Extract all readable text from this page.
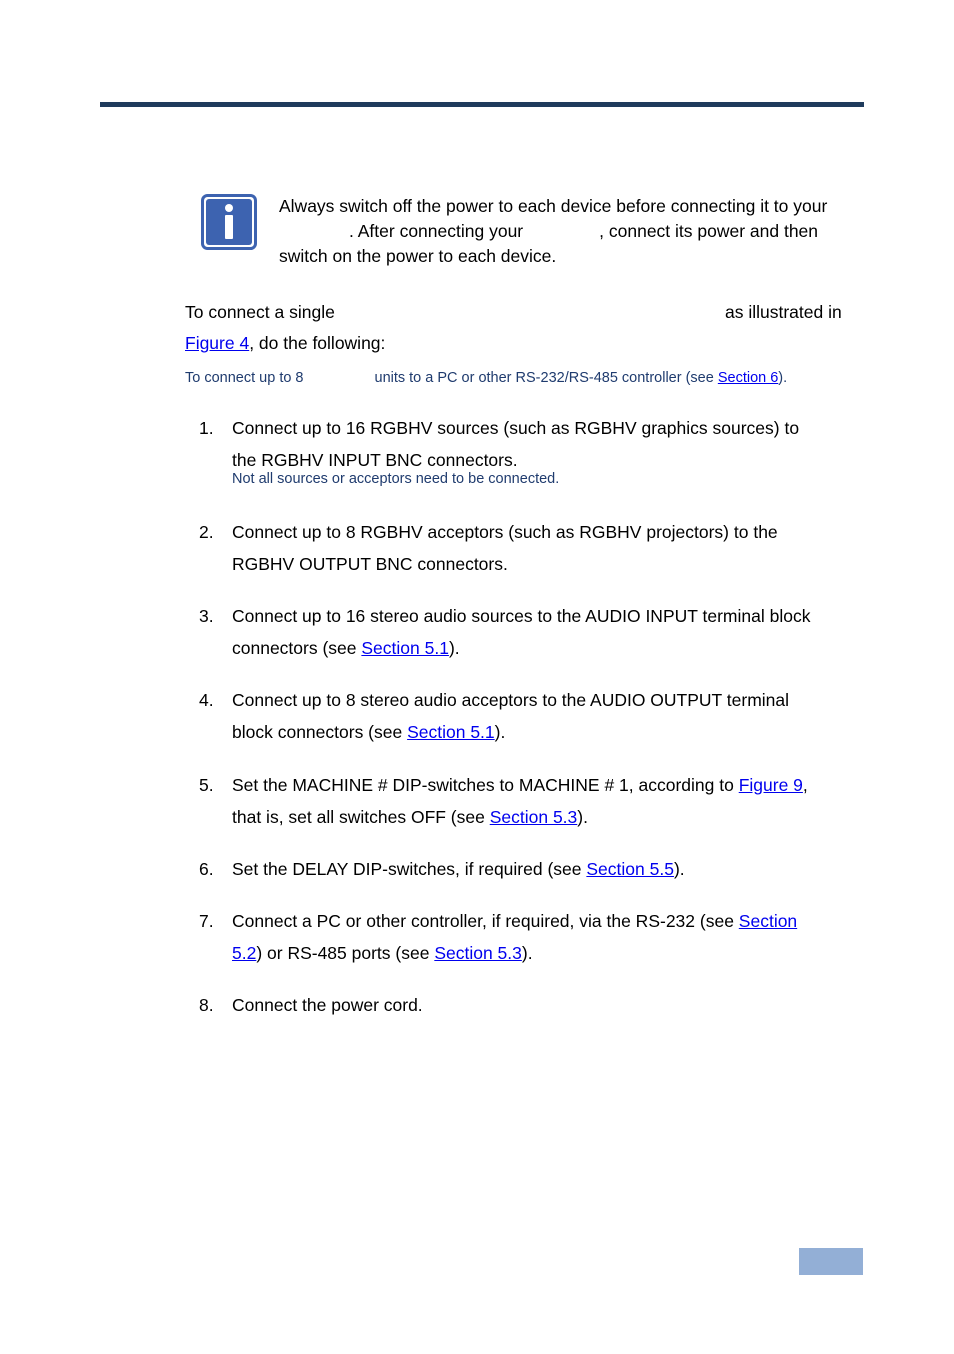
Always switch off the power to each device before connecting it to your
. After connecting your	, connect its power and then
switch on the power to each device.
To connect a single	as illustrated in
Figure 4, do the following:
To connect up to 8	units to a PC or other RS-232/RS-485 controller (see Section 6).
1. Connect up to 16 RGBHV sources (such as RGBHV graphics sources) to
the RGBHV INPUT BNC connectors.
Not all sources or acceptors need to be connected.
2. Connect up to 8 RGBHV acceptors (such as RGBHV projectors) to the
RGBHV OUTPUT BNC connectors.
3. Connect up to 16 stereo audio sources to the AUDIO INPUT terminal block
connectors (see Section 5.1).
4. Connect up to 8 stereo audio acceptors to the AUDIO OUTPUT terminal
block connectors (see Section 5.1).
5. Set the MACHINE # DIP-switches to MACHINE # 1, according to Figure 9,
that is, set all switches OFF (see Section 5.3).
6. Set the DELAY DIP-switches, if required (see Section 5.5).
7. Connect a PC or other controller, if required, via the RS-232 (see Section
5.2) or RS-485 ports (see Section 5.3).
8. Connect the power cord.
